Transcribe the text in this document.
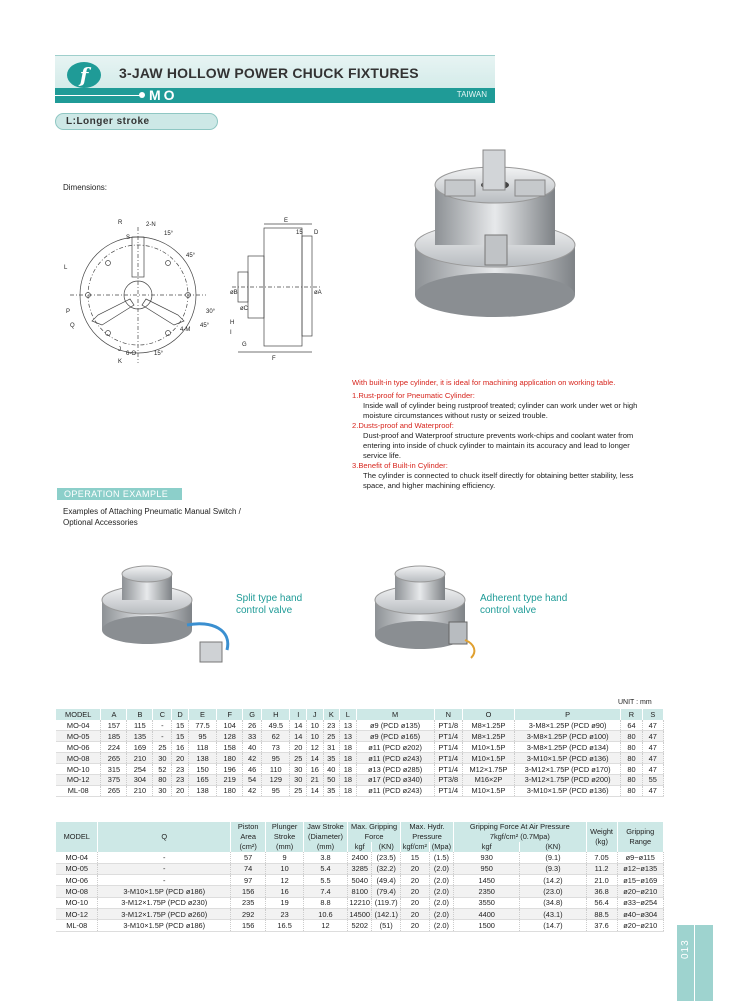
f	3-JAW HOLLOW POWER CHUCK FIXTURES
MO	TAIWAN
L:Longer stroke
Dimensions:
R	2-N
S
15°
45°
L
30°
P
Q
4-M
45°
J
15°
6-O
K
E
15 D
øB
øC
øA
H
I
G
F
With built-in type cylinder, it is ideal for machining application on working table.
1.Rust-proof for Pneumatic Cylinder:
Inside wall of cylinder being rustproof treated; cylinder can work under wet or high moisture circumstances without rusty or seized trouble.
2.Dusts-proof and Waterproof:
Dust-proof and Waterproof structure prevents work-chips and coolant water from entering into inside of chuck cylinder to maintain its accuracy and lead to longer service life.
3.Benefit of Built-in Cylinder:
The cylinder is connected to chuck itself directly for obtaining better stability, less space, and higher machining efficiency.
OPERATION EXAMPLE
Examples of Attaching Pneumatic Manual Switch / Optional Accessories
Split type hand control valve
Adherent type hand control valve
UNIT : mm
MODEL	A	B	C	D	E	F	G	H	I	J	K	L	M	N	O	P	R	S
MO-04	157	115	-	15	77.5	104	26	49.5	14	10	23	13	ø9 (PCD ø135)	PT1/8	M8×1.25P	3-M8×1.25P (PCD ø90)	64	47
MO-05	185	135	-	15	95	128	33	62	14	10	25	13	ø9 (PCD ø165)	PT1/4	M8×1.25P	3-M8×1.25P (PCD ø100)	80	47
MO-06	224	169	25	16	118	158	40	73	20	12	31	18	ø11 (PCD ø202)	PT1/4	M10×1.5P	3-M8×1.25P (PCD ø134)	80	47
MO-08	265	210	30	20	138	180	42	95	25	14	35	18	ø11 (PCD ø243)	PT1/4	M10×1.5P	3-M10×1.5P (PCD ø136)	80	47
MO-10	315	254	52	23	150	196	46	110	30	16	40	18	ø13 (PCD ø285)	PT1/4	M12×1.75P	3-M12×1.75P (PCD ø170)	80	47
MO-12	375	304	80	23	165	219	54	129	30	21	50	18	ø17 (PCD ø340)	PT3/8	M16×2P	3-M12×1.75P (PCD ø200)	80	55
ML-08	265	210	30	20	138	180	42	95	25	14	35	18	ø11 (PCD ø243)	PT1/4	M10×1.5P	3-M10×1.5P (PCD ø136)	80	47
MODEL	Q	Piston
Area
(cm²)	Plunger
Stroke
(mm)	Jaw Stroke
(Diameter)
(mm)	Max. Gripping
Force		Max. Hydr.
Pressure		Gripping Force At Air Pressure
7kgf/cm² (0.7Mpa)		Weight
(kg)	Gripping
Range
					kgf	(KN)	kgf/cm²	(Mpa)	kgf	(KN)		

MO-04	-	57	9	3.8	2400	(23.5)	15	(1.5)	930	(9.1)	7.05	ø9~ø115
MO-05	-	74	10	5.4	3285	(32.2)	20	(2.0)	950	(9.3)	11.2	ø12~ø135
MO-06	-	97	12	5.5	5040	(49.4)	20	(2.0)	1450	(14.2)	21.0	ø15~ø169
MO-08	3-M10×1.5P (PCD ø186)	156	16	7.4	8100	(79.4)	20	(2.0)	2350	(23.0)	36.8	ø20~ø210
MO-10	3-M12×1.75P (PCD ø230)	235	19	8.8	12210	(119.7)	20	(2.0)	3550	(34.8)	56.4	ø33~ø254
MO-12	3-M12×1.75P (PCD ø260)	292	23	10.6	14500	(142.1)	20	(2.0)	4400	(43.1)	88.5	ø40~ø304
ML-08	3-M10×1.5P (PCD ø186)	156	16.5	12	5202	(51)	20	(2.0)	1500	(14.7)	37.6	ø20~ø210
013
